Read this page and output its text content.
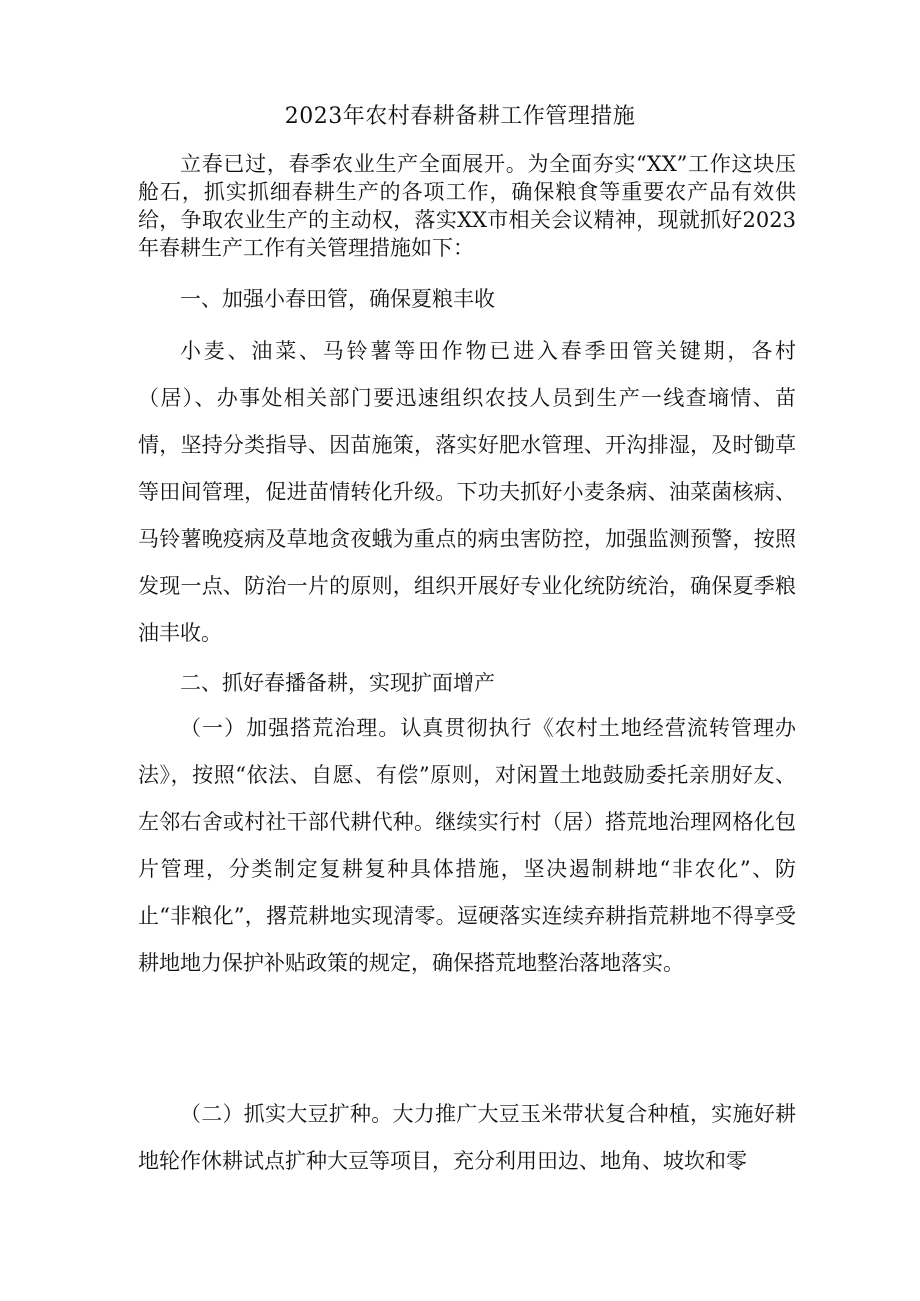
2023年农村春耕备耕工作管理措施

立春已过，春季农业生产全面展开。为全面夯实“XX”工作这块压舱石，抓实抓细春耕生产的各项工作，确保粮食等重要农产品有效供给，争取农业生产的主动权，落实XX市相关会议精神，现就抓好2023年春耕生产工作有关管理措施如下：

一、加强小春田管，确保夏粮丰收

小麦、油菜、马铃薯等田作物已进入春季田管关键期，各村（居）、办事处相关部门要迅速组织农技人员到生产一线查墒情、苗情，坚持分类指导、因苗施策，落实好肥水管理、开沟排湿，及时锄草等田间管理，促进苗情转化升级。下功夫抓好小麦条病、油菜菌核病、马铃薯晚疫病及草地贪夜蛾为重点的病虫害防控，加强监测预警，按照发现一点、防治一片的原则，组织开展好专业化统防统治，确保夏季粮油丰收。

二、抓好春播备耕，实现扩面增产

（一）加强搭荒治理。认真贯彻执行《农村土地经营流转管理办法》，按照“依法、自愿、有偿”原则，对闲置土地鼓励委托亲朋好友、左邻右舍或村社干部代耕代种。继续实行村（居）搭荒地治理网格化包片管理，分类制定复耕复种具体措施，坚决遏制耕地“非农化”、防止“非粮化”，撂荒耕地实现清零。逗硬落实连续弃耕指荒耕地不得享受耕地地力保护补贴政策的规定，确保搭荒地整治落地落实。

（二）抓实大豆扩种。大力推广大豆玉米带状复合种植，实施好耕地轮作休耕试点扩种大豆等项目，充分利用田边、地角、坡坎和零
